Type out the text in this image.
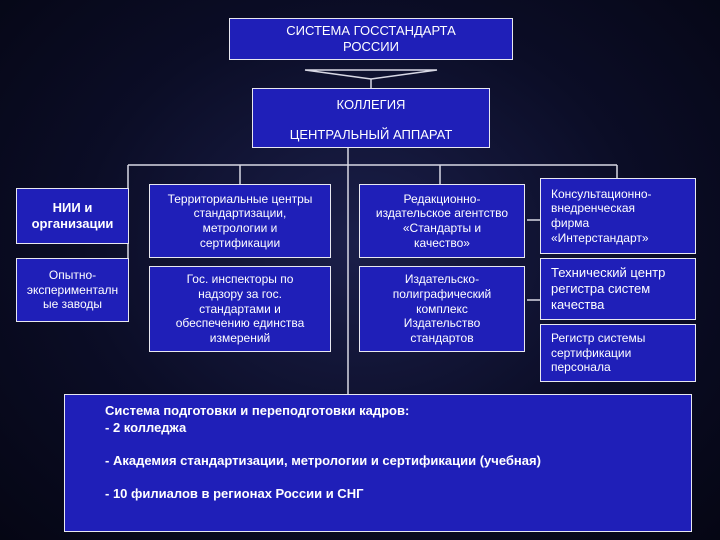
СИСТЕМА ГОССТАНДАРТА
РОССИИ
КОЛЛЕГИЯ
ЦЕНТРАЛЬНЫЙ АППАРАТ
НИИ и
организации
Опытно-
эксперименталн
ые заводы
Территориальные центры
стандартизации,
метрологии и
сертификации
Гос. инспекторы по
надзору за гос.
стандартами и
обеспечению единства
измерений
Редакционно-
издательское агентство
«Стандарты и
качество»
Издательско-
полиграфический
комплекс
Издательство
стандартов
Консультационно-
внедренческая
фирма
«Интерстандарт»
Технический центр
регистра систем
качества
Регистр системы
сертификации
персонала
Система подготовки и переподготовки кадров:
- 2 колледжа
- Академия стандартизации, метрологии и сертификации (учебная)
- 10 филиалов в регионах России и СНГ
